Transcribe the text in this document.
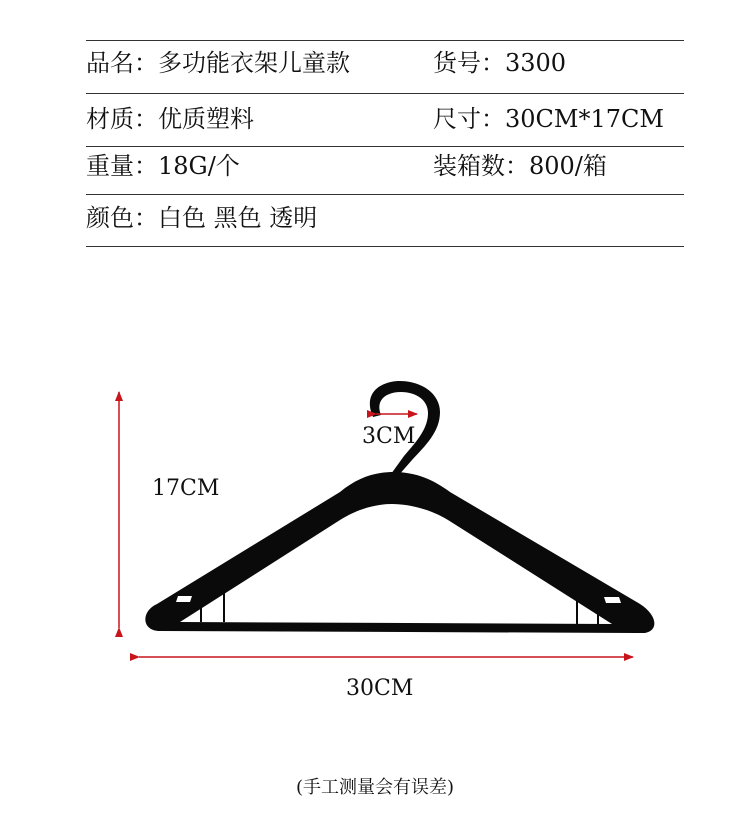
品名：多功能衣架儿童款	货号：3300
材质：优质塑料	尺寸：30CM*17CM
重量：18G/个	装箱数：800/箱
颜色：白色 黑色 透明
17CM
30CM
3CM
(手工测量会有误差)
